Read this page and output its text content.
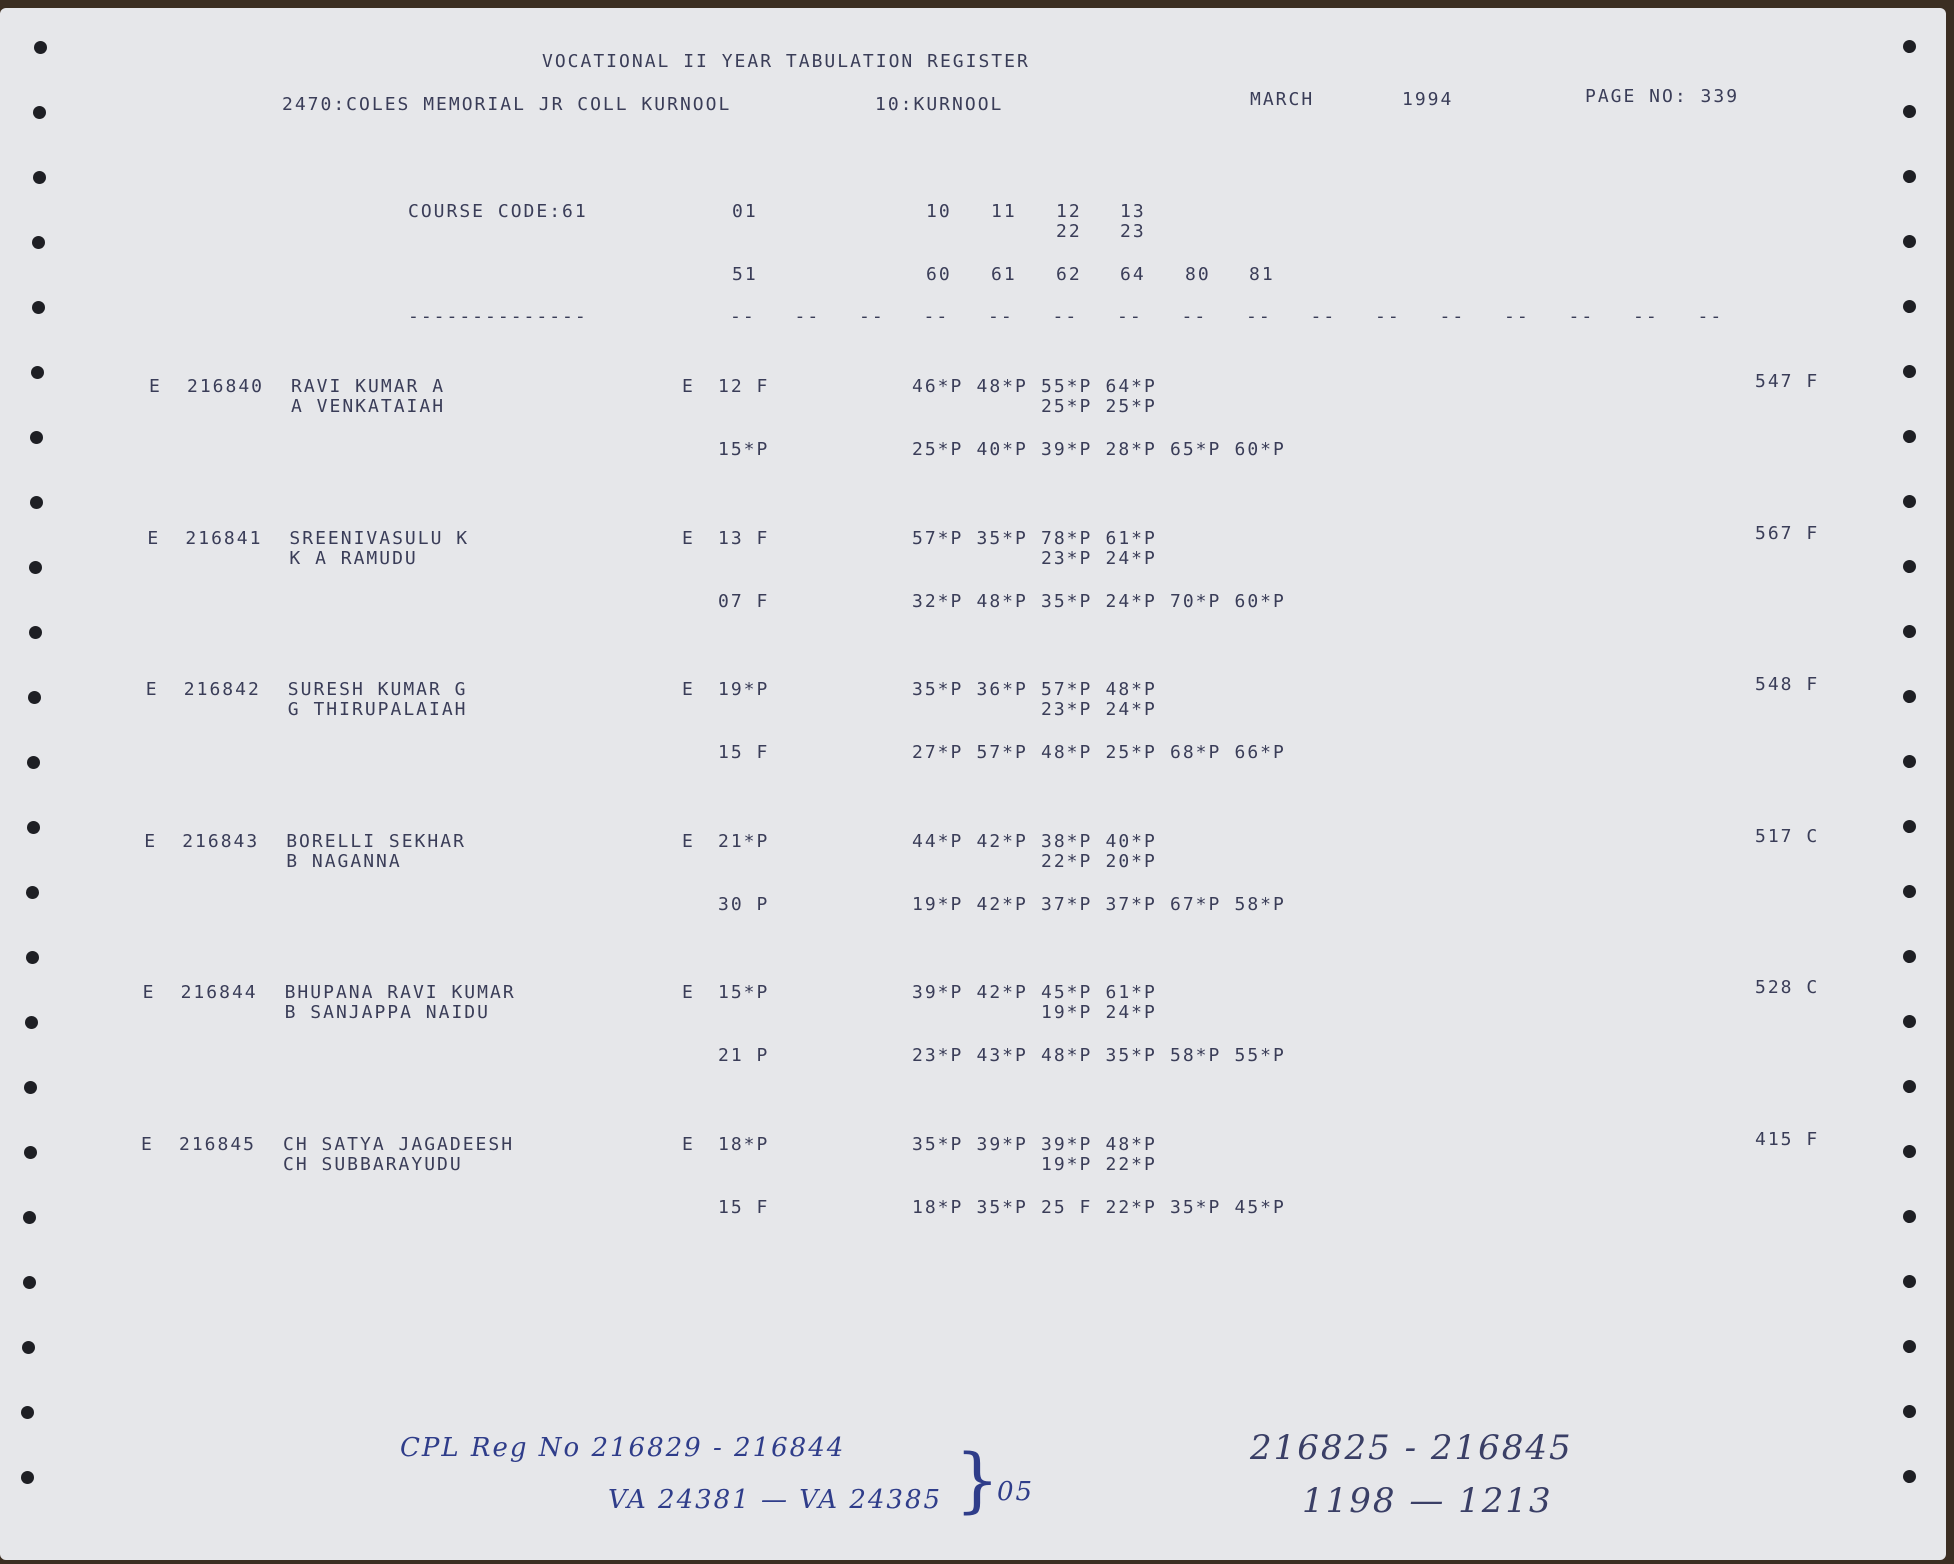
VOCATIONAL II YEAR TABULATION REGISTER
2470:COLES MEMORIAL JR COLL KURNOOL	10:KURNOOL	MARCH	1994	PAGE NO: 339
COURSE CODE:61
--------------
01	10 11 12 13
22 23
51	60 61 62 64 80 81
-- -- -- -- -- -- -- -- -- -- -- -- -- -- -- --
E 216840 RAVI KUMAR A
A VENKATAIAH
E 12 F	46*P 48*P 55*P 64*P
25*P 25*P
15*P	25*P 40*P 39*P 28*P 65*P 60*P
547 F
E 216841 SREENIVASULU K
K A RAMUDU
E 13 F	57*P 35*P 78*P 61*P
23*P 24*P
07 F	32*P 48*P 35*P 24*P 70*P 60*P
567 F
E 216842 SURESH KUMAR G
G THIRUPALAIAH
E 19*P	35*P 36*P 57*P 48*P
23*P 24*P
15 F	27*P 57*P 48*P 25*P 68*P 66*P
548 F
E 216843 BORELLI SEKHAR
B NAGANNA
E 21*P	44*P 42*P 38*P 40*P
22*P 20*P
30 P	19*P 42*P 37*P 37*P 67*P 58*P
517 C
E 216844 BHUPANA RAVI KUMAR
B SANJAPPA NAIDU
E 15*P	39*P 42*P 45*P 61*P
19*P 24*P
21 P	23*P 43*P 48*P 35*P 58*P 55*P
528 C
E 216845 CH SATYA JAGADEESH
CH SUBBARAYUDU
E 18*P	35*P 39*P 39*P 48*P
19*P 22*P
15 F	18*P 35*P 25 F 22*P 35*P 45*P
415 F
CPL Reg No 216829 - 216844
VA 24381 — VA 24385 }
05
216825 - 216845
1198 — 1213
